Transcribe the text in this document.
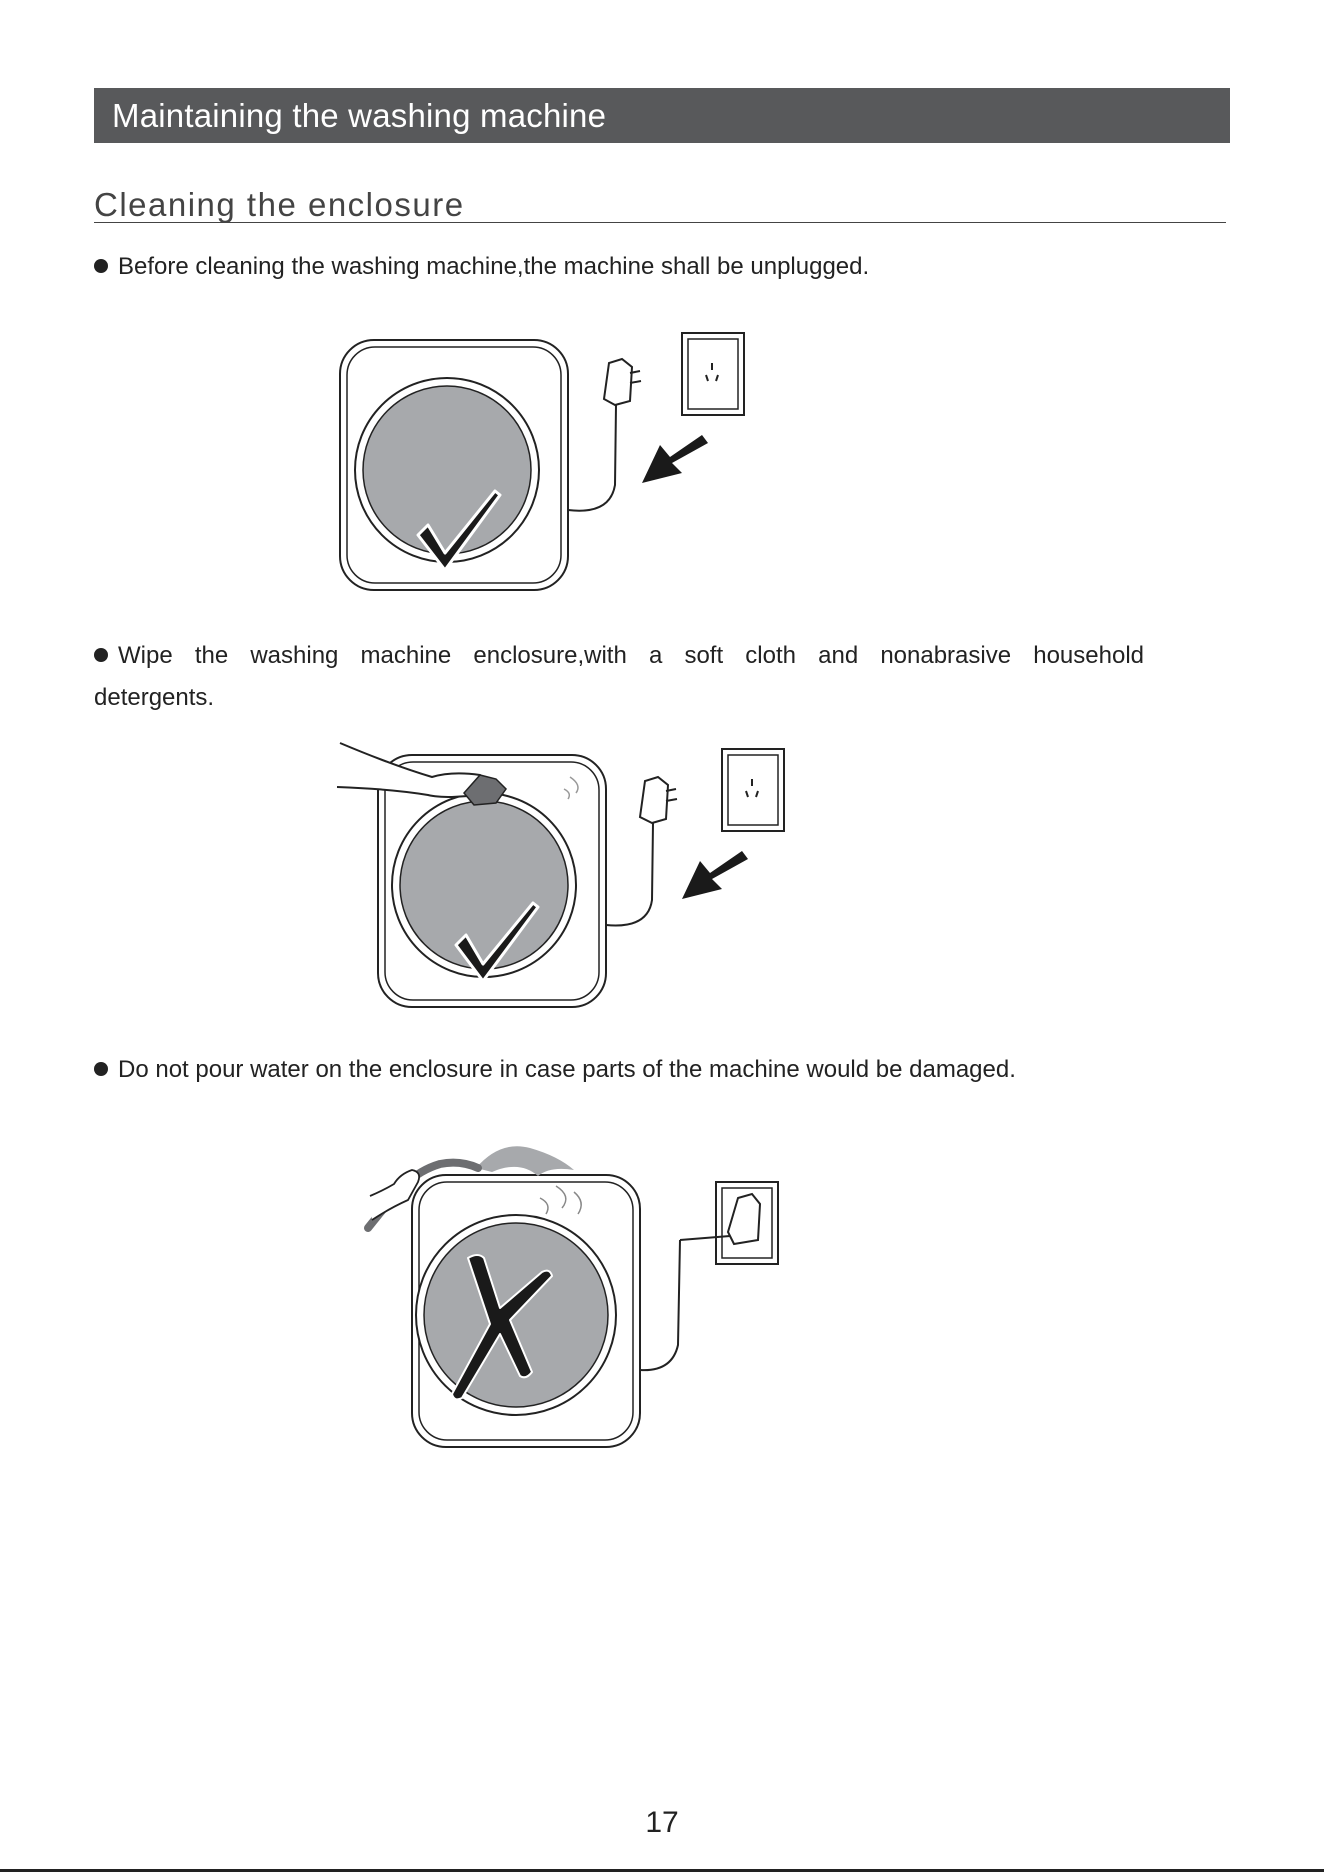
Maintaining the washing machine
Cleaning the enclosure
Before cleaning the washing machine,the machine shall be unplugged.
Wipe the washing machine enclosure,with a soft cloth and nonabrasive household detergents.
Do not pour water on the enclosure in case parts of the machine would be damaged.
17
